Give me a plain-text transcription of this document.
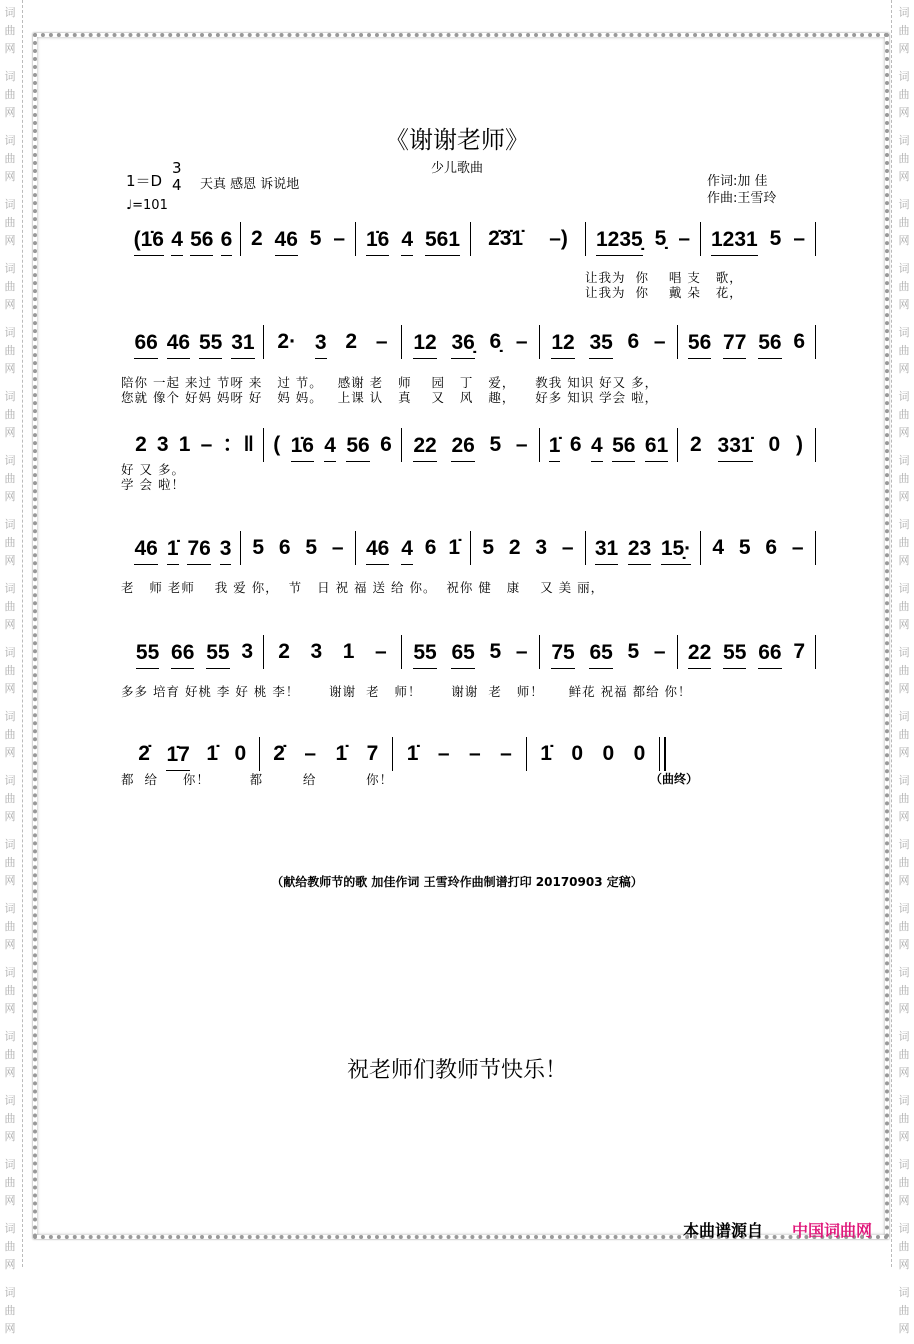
词
曲
网
词
曲
网
词
曲
网
词
曲
网
词
曲
网
词
曲
网
词
曲
网
词
曲
网
词
曲
网
词
曲
网
词
曲
网
词
曲
网
词
曲
网
词
曲
网
词
曲
网
词
曲
网
词
曲
网
词
曲
网
词
曲
网
词
曲
网
词
曲
网
词
曲
网
词
曲
网
词
曲
网
词
曲
网
词
曲
网
词
曲
网
词
曲
网
词
曲
网
词
曲
网
词
曲
网
词
曲
网
词
曲
网
词
曲
网
词
曲
网
词
曲
网
词
曲
网
词
曲
网
词
曲
网
词
曲
网
词
曲
网
词
曲
网
《谢谢老师》
少儿歌曲
1＝D
3
4 天真 感恩 诉说地
♩=101
作词:加 佳
作曲:王雪玲
(1̇6 4 56 6 2 46 5 – 1̇6 4 561 2̇3̇1̇ –) 1235̣ 5̣ – 1231 5 –
让我为  你    唱 支   歌，
让我为  你    戴 朵   花，
66 46 55 31 2· 3 2 – 12 36̣ 6̣ – 12 35 6 – 56 77 56 6
陪你 一起 来过 节呀 来   过 节。   感谢 老   师    园   丁   爱，    教我 知识 好又 多，
您就 像个 好妈 妈呀 好   妈 妈。   上课 认   真    又   风   趣，    好多 知识 学会 啦，
2 3 1 – ：‖ ( 1̇6 4 56 6 22 26 5 – 1̇ 6 4 56 61 2 331̇ 0 )
好 又 多。
学 会 啦！
46 1̇ 76 3 5 6 5 – 46 4 6 1̇ 5 2 3 – 31 23 15̣· 4 5 6 –
老   师 老师    我 爱 你，  节   日 祝 福 送 给 你。  祝你 健   康    又 美 丽，
55 66 55 3 2 3 1 – 55 65 5 – 75 65 5 – 22 55 66 7
多多 培育 好桃 李 好 桃 李！      谢谢  老   师！      谢谢  老   师！     鲜花 祝福 都给 你！
2̇ 1̇7 1̇ 0 2̇ – 1̇ 7 1̇ – – – 1̇ 0 0 0
都  给     你！        都        给          你！	（曲终）
（献给教师节的歌 加佳作词 王雪玲作曲制谱打印 20170903 定稿）
祝老师们教师节快乐！
本曲谱源自 中国词曲网
